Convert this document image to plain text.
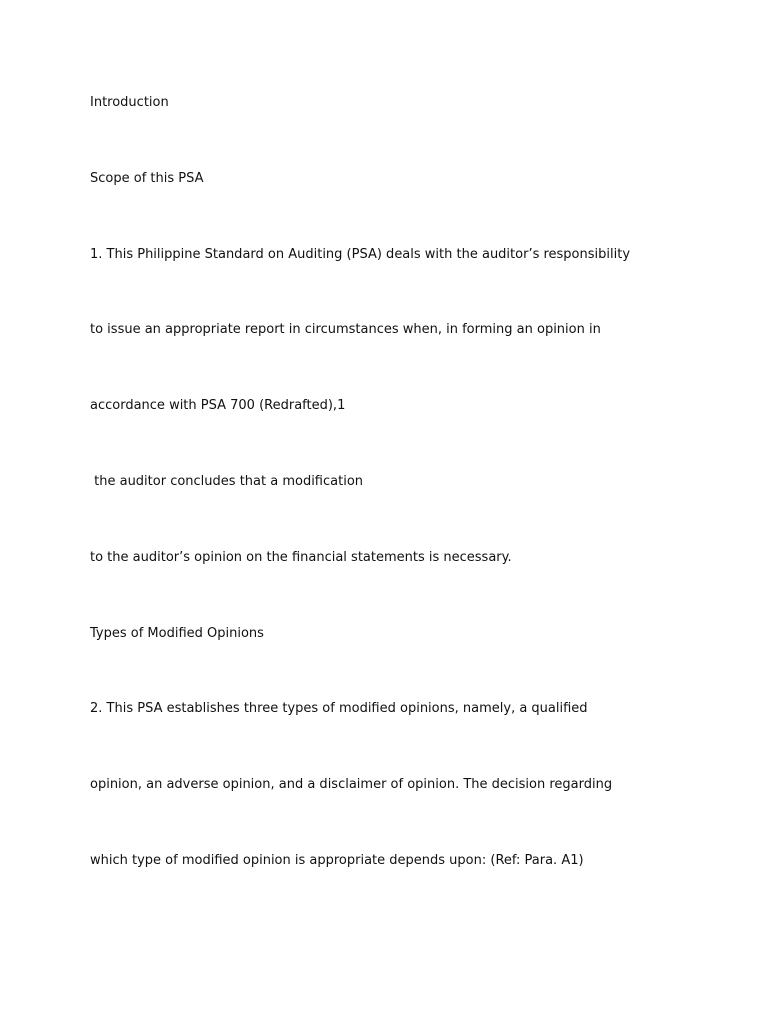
Introduction
Scope of this PSA
1. This Philippine Standard on Auditing (PSA) deals with the auditor’s responsibility
to issue an appropriate report in circumstances when, in forming an opinion in
accordance with PSA 700 (Redrafted),1
the auditor concludes that a modification
to the auditor’s opinion on the financial statements is necessary.
Types of Modified Opinions
2. This PSA establishes three types of modified opinions, namely, a qualified
opinion, an adverse opinion, and a disclaimer of opinion. The decision regarding
which type of modified opinion is appropriate depends upon: (Ref: Para. A1)
